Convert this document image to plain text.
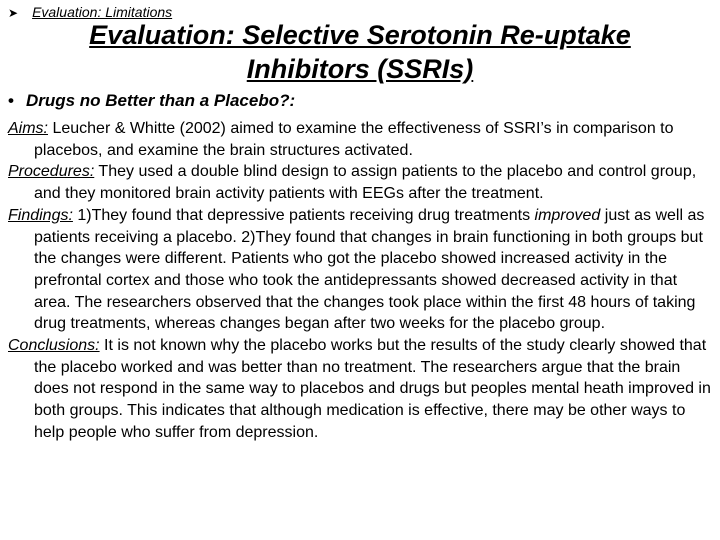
➤ Evaluation: Limitations
Evaluation: Selective Serotonin Re-uptake
Inhibitors (SSRIs)
• Drugs no Better than a Placebo?:

Aims: Leucher & Whitte (2002) aimed to examine the effectiveness of SSRI’s in comparison to placebos, and examine the brain structures activated.

Procedures: They used a double blind design to assign patients to the placebo and control group, and they monitored brain activity patients with EEGs after the treatment.

Findings: 1)They found that depressive patients receiving drug treatments improved just as well as patients receiving a placebo. 2)They found that changes in brain functioning in both groups but the changes were different. Patients who got the placebo showed increased activity in the prefrontal cortex and those who took the antidepressants showed decreased activity in that area. The researchers observed that the changes took place within the first 48 hours of taking drug treatments, whereas changes began after two weeks for the placebo group.

Conclusions: It is not known why the placebo works but the results of the study clearly showed that the placebo worked and was better than no treatment. The researchers argue that the brain does not respond in the same way to placebos and drugs but peoples mental heath improved in both groups. This indicates that although medication is effective, there may be other ways to help people who suffer from depression.
